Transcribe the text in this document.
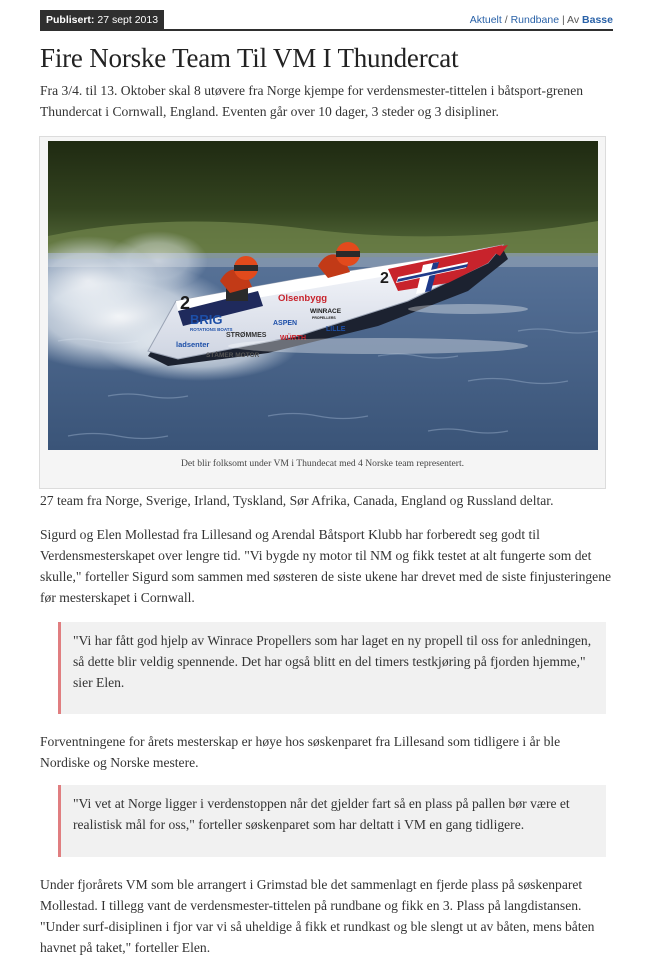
Publisert: 27 sept 2013	Aktuelt / Rundbane | Av Basse
Fire Norske Team Til VM I Thundercat

Fra 3/4. til 13. Oktober skal 8 utøvere fra Norge kjempe for verdensmester-tittelen i båtsport-grenen Thundercat i Cornwall, England. Eventen går over 10 dager, 3 steder og 3 disipliner.

2
2
BRIG
ROTATIONS BOATS
Olsenbygg
STRØMMES
ASPEN
WINRACE
PROPELLERS
ladsenter
WÜRTH
LILLE
STÅMER MOTOR
Det blir folksomt under VM i Thundecat med 4 Norske team representert.

27 team fra Norge, Sverige, Irland, Tyskland, Sør Afrika, Canada, England og Russland deltar.

Sigurd og Elen Mollestad fra Lillesand og Arendal Båtsport Klubb har forberedt seg godt til Verdensmesterskapet over lengre tid. "Vi bygde ny motor til NM og fikk testet at alt fungerte som det skulle," forteller Sigurd som sammen med søsteren de siste ukene har drevet med de siste finjusteringene før mesterskapet i Cornwall.

"Vi har fått god hjelp av Winrace Propellers som har laget en ny propell til oss for anledningen, så dette blir veldig spennende. Det har også blitt en del timers testkjøring på fjorden hjemme," sier Elen.

Forventningene for årets mesterskap er høye hos søskenparet fra Lillesand som tidligere i år ble Nordiske og Norske mestere.

"Vi vet at Norge ligger i verdenstoppen når det gjelder fart så en plass på pallen bør være et realistisk mål for oss," forteller søskenparet som har deltatt i VM en gang tidligere.

Under fjorårets VM som ble arrangert i Grimstad ble det sammenlagt en fjerde plass på søskenparet Mollestad. I tillegg vant de verdensmester-tittelen på rundbane og fikk en 3. Plass på langdistansen. "Under surf-disiplinen i fjor var vi så uheldige å fikk et rundkast og ble slengt ut av båten, mens båten havnet på taket," forteller Elen.
